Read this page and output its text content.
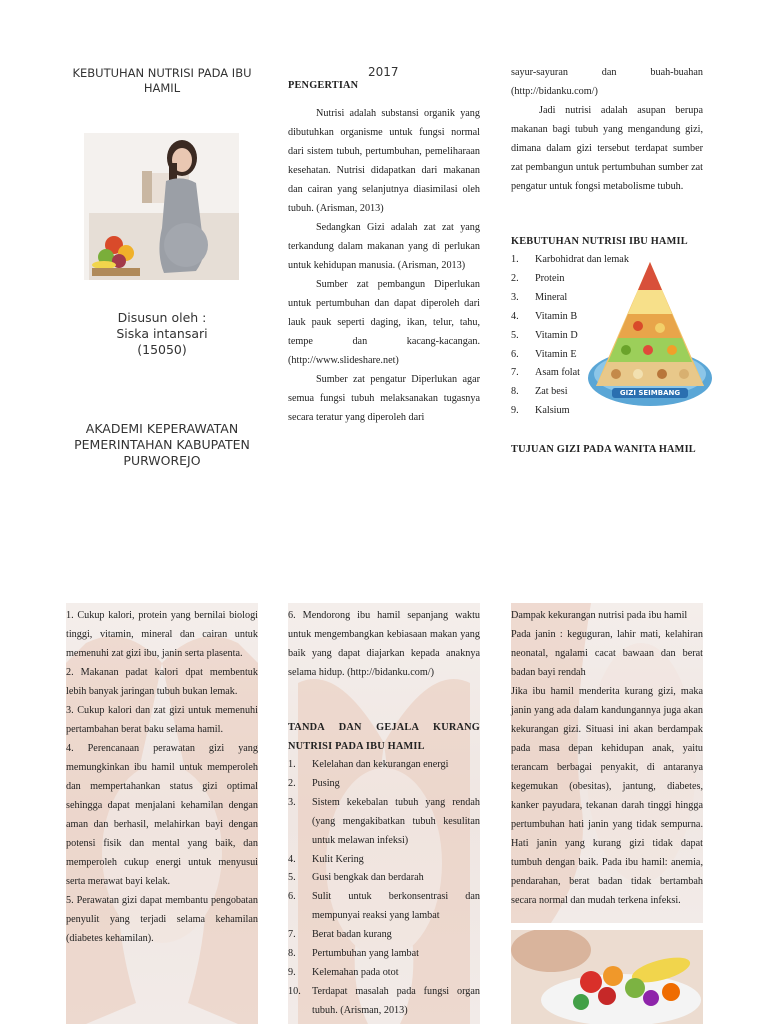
KEBUTUHAN NUTRISI PADA IBU HAMIL
Disusun oleh :
Siska intansari
(15050)
AKADEMI KEPERAWATAN PEMERINTAHAN KABUPATEN PURWOREJO
2017
PENGERTIAN

Nutrisi adalah substansi organik yang dibutuhkan organisme untuk fungsi normal dari sistem tubuh, pertumbuhan, pemeliharaan kesehatan. Nutrisi didapatkan dari makanan dan cairan yang selanjutnya diasimilasi oleh tubuh. (Arisman, 2013)

Sedangkan Gizi adalah zat zat yang terkandung dalam makanan yang di perlukan untuk kehidupan manusia. (Arisman, 2013)

Sumber zat pembangun Diperlukan untuk pertumbuhan dan dapat diperoleh dari lauk pauk seperti daging, ikan, telur, tahu, tempe dan kacang-kacangan. (http://www.slideshare.net)

Sumber zat pengatur Diperlukan agar semua fungsi tubuh melaksanakan tugasnya secara teratur yang diperoleh dari

sayur-sayuran dan buah-buahan (http://bidanku.com/)

Jadi nutrisi adalah asupan berupa makanan bagi tubuh yang mengandung gizi, dimana dalam gizi tersebut terdapat sumber zat pembangun untuk pertumbuhan sumber zat pengatur untuk fongsi metabolisme tubuh.

KEBUTUHAN NUTRISI IBU HAMIL
1.	Karbohidrat dan lemak
2.	Protein
3.	Mineral
4.	Vitamin B
5.	Vitamin D
6.	Vitamin E
7.	Asam folat
8.	Zat besi
9.	Kalsium
GIZI SEIMBANG
TUJUAN GIZI PADA WANITA HAMIL

1. Cukup kalori, protein yang bernilai biologi tinggi, vitamin, mineral dan cairan untuk memenuhi zat gizi ibu, janin serta plasenta.

2. Makanan padat kalori dpat membentuk lebih banyak jaringan tubuh bukan lemak.

3. Cukup kalori dan zat gizi untuk memenuhi pertambahan berat baku selama hamil.

4. Perencanaan perawatan gizi yang memungkinkan ibu hamil untuk memperoleh dan mempertahankan status gizi optimal sehingga dapat menjalani kehamilan dengan aman dan berhasil, melahirkan bayi dengan potensi fisik dan mental yang baik, dan memperoleh cukup energi untuk menyusui serta merawat bayi kelak.

5. Perawatan gizi dapat membantu pengobatan penyulit yang terjadi selama kehamilan (diabetes kehamilan).

6. Mendorong ibu hamil sepanjang waktu untuk mengembangkan kebiasaan makan yang baik yang dapat diajarkan kepada anaknya selama hidup. (http://bidanku.com/)

TANDA DAN GEJALA KURANG NUTRISI PADA IBU HAMIL
1.	Kelelahan dan kekurangan energi
2.	Pusing
3.	Sistem kekebalan tubuh yang rendah (yang mengakibatkan tubuh kesulitan untuk melawan infeksi)
4.	Kulit Kering
5.	Gusi bengkak dan berdarah
6.	Sulit untuk berkonsentrasi dan mempunyai reaksi yang lambat
7.	Berat badan kurang
8.	Pertumbuhan yang lambat
9.	Kelemahan pada otot
10.	Terdapat masalah pada fungsi organ tubuh. (Arisman, 2013)

Dampak kekurangan nutrisi pada ibu hamil

Pada janin : keguguran, lahir mati, kelahiran neonatal, ngalami cacat bawaan dan berat badan bayi rendah

Jika ibu hamil menderita kurang gizi, maka janin yang ada dalam kandungannya juga akan kekurangan gizi. Situasi ini akan berdampak pada masa depan kehidupan anak, yaitu terancam berbagai penyakit, di antaranya kegemukan (obesitas), jantung, diabetes, kanker payudara, tekanan darah tinggi hingga pertumbuhan hati janin yang tidak sempurna. Hati janin yang kurang gizi tidak dapat tumbuh dengan baik. Pada ibu hamil: anemia, pendarahan, berat badan tidak bertambah secara normal dan mudah terkena infeksi.
